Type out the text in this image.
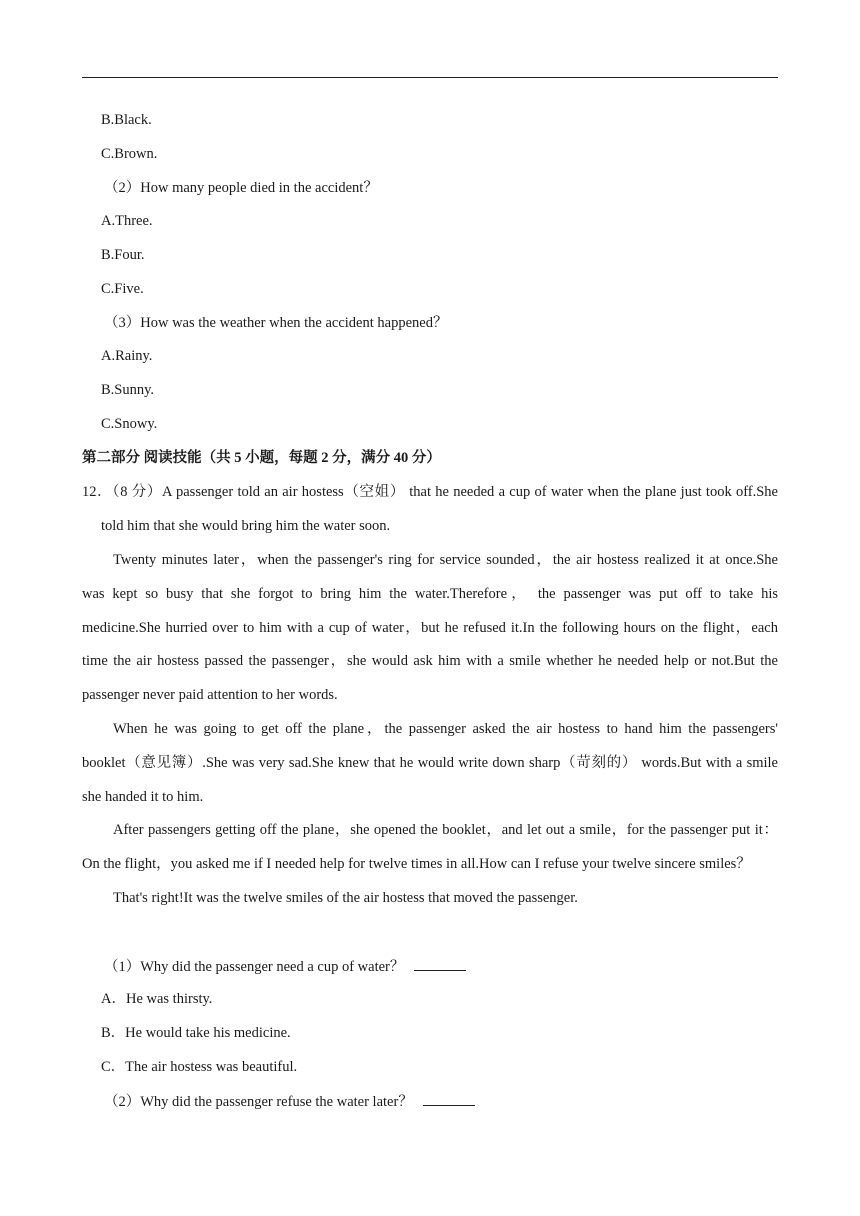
B.Black.
C.Brown.
（2）How many people died in the accident？
A.Three.
B.Four.
C.Five.
（3）How was the weather when the accident happened？
A.Rainy.
B.Sunny.
C.Snowy.
第二部分 阅读技能（共 5 小题，每题 2 分，满分 40 分）
12．（8 分）A passenger told an air hostess（空姐） that he needed a cup of water when the plane just took off.She
told him that she would bring him the water soon.
Twenty minutes later，when the passenger's ring for service sounded，the air hostess realized it at once.She
was kept so busy that she forgot to bring him the water.Therefore， the passenger was put off to take his
medicine.She hurried over to him with a cup of water，but he refused it.In the following hours on the flight，each
time the air hostess passed the passenger，she would ask him with a smile whether he needed help or not.But the
passenger never paid attention to her words.
When he was going to get off the plane，the passenger asked the air hostess to hand him the passengers'
booklet（意见簿）.She was very sad.She knew that he would write down sharp（苛刻的） words.But with a smile
she handed it to him.
After passengers getting off the plane，she opened the booklet，and let out a smile，for the passenger put it：
On the flight，you asked me if I needed help for twelve times in all.How can I refuse your twelve sincere smiles？
That's right!It was the twelve smiles of the air hostess that moved the passenger.
（1）Why did the passenger need a cup of water？
A．He was thirsty.
B．He would take his medicine.
C．The air hostess was beautiful.
（2）Why did the passenger refuse the water later？
